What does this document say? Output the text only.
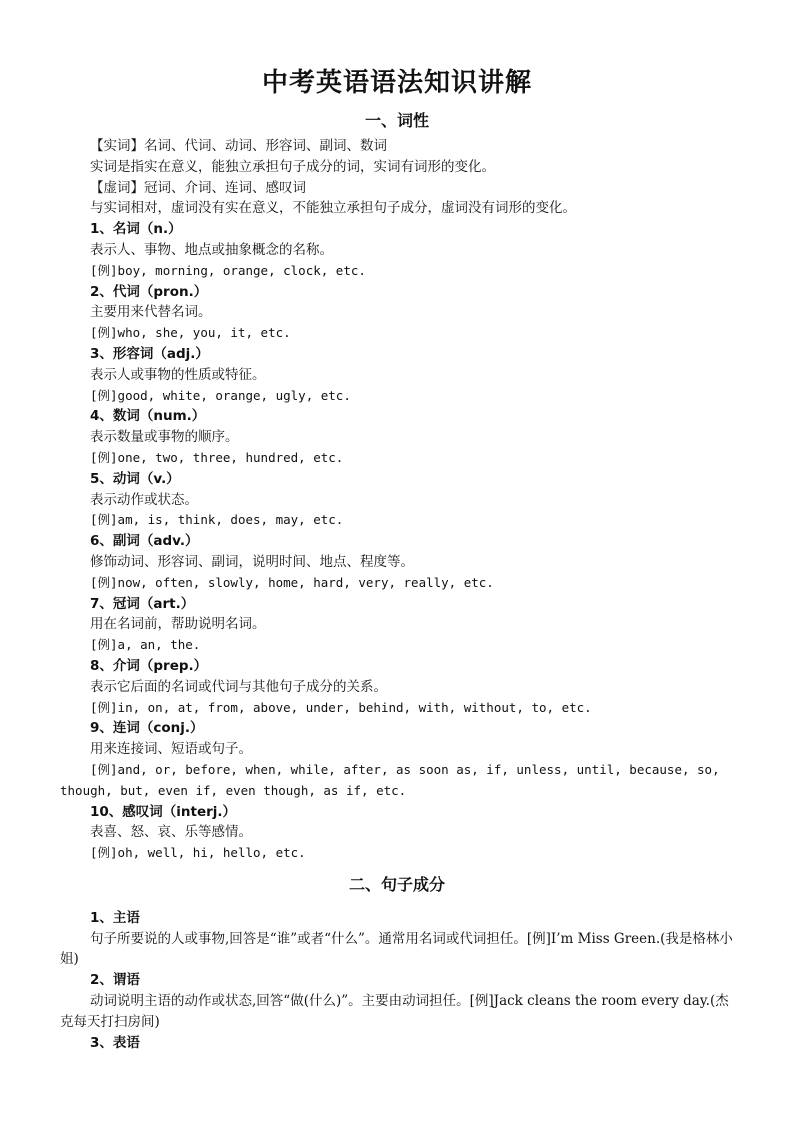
中考英语语法知识讲解
一、词性

【实词】名词、代词、动词、形容词、副词、数词

实词是指实在意义，能独立承担句子成分的词，实词有词形的变化。

【虚词】冠词、介词、连词、感叹词

与实词相对，虚词没有实在意义，不能独立承担句子成分，虚词没有词形的变化。

1、名词（n.）

表示人、事物、地点或抽象概念的名称。

[例]boy, morning, orange, clock, etc.

2、代词（pron.）

主要用来代替名词。

[例]who, she, you, it, etc.

3、形容词（adj.）

表示人或事物的性质或特征。

[例]good, white, orange, ugly, etc.

4、数词（num.）

表示数量或事物的顺序。

[例]one, two, three, hundred, etc.

5、动词（v.）

表示动作或状态。

[例]am, is, think, does, may, etc.

6、副词（adv.）

修饰动词、形容词、副词，说明时间、地点、程度等。

[例]now, often, slowly, home, hard, very, really, etc.

7、冠词（art.）

用在名词前，帮助说明名词。

[例]a, an, the.

8、介词（prep.）

表示它后面的名词或代词与其他句子成分的关系。

[例]in, on, at, from, above, under, behind, with, without, to, etc.

9、连词（conj.）

用来连接词、短语或句子。

[例]and, or, before, when, while, after, as soon as, if, unless, until, because, so, though, but, even if, even though, as if, etc.

10、感叹词（interj.）

表喜、怒、哀、乐等感情。

[例]oh, well, hi, hello, etc.

二、句子成分

1、主语

句子所要说的人或事物,回答是“谁”或者“什么”。通常用名词或代词担任。[例]I’m Miss Green.(我是格林小姐)

2、谓语

动词说明主语的动作或状态,回答“做(什么)”。主要由动词担任。[例]Jack cleans the room every day.(杰克每天打扫房间)

3、表语
